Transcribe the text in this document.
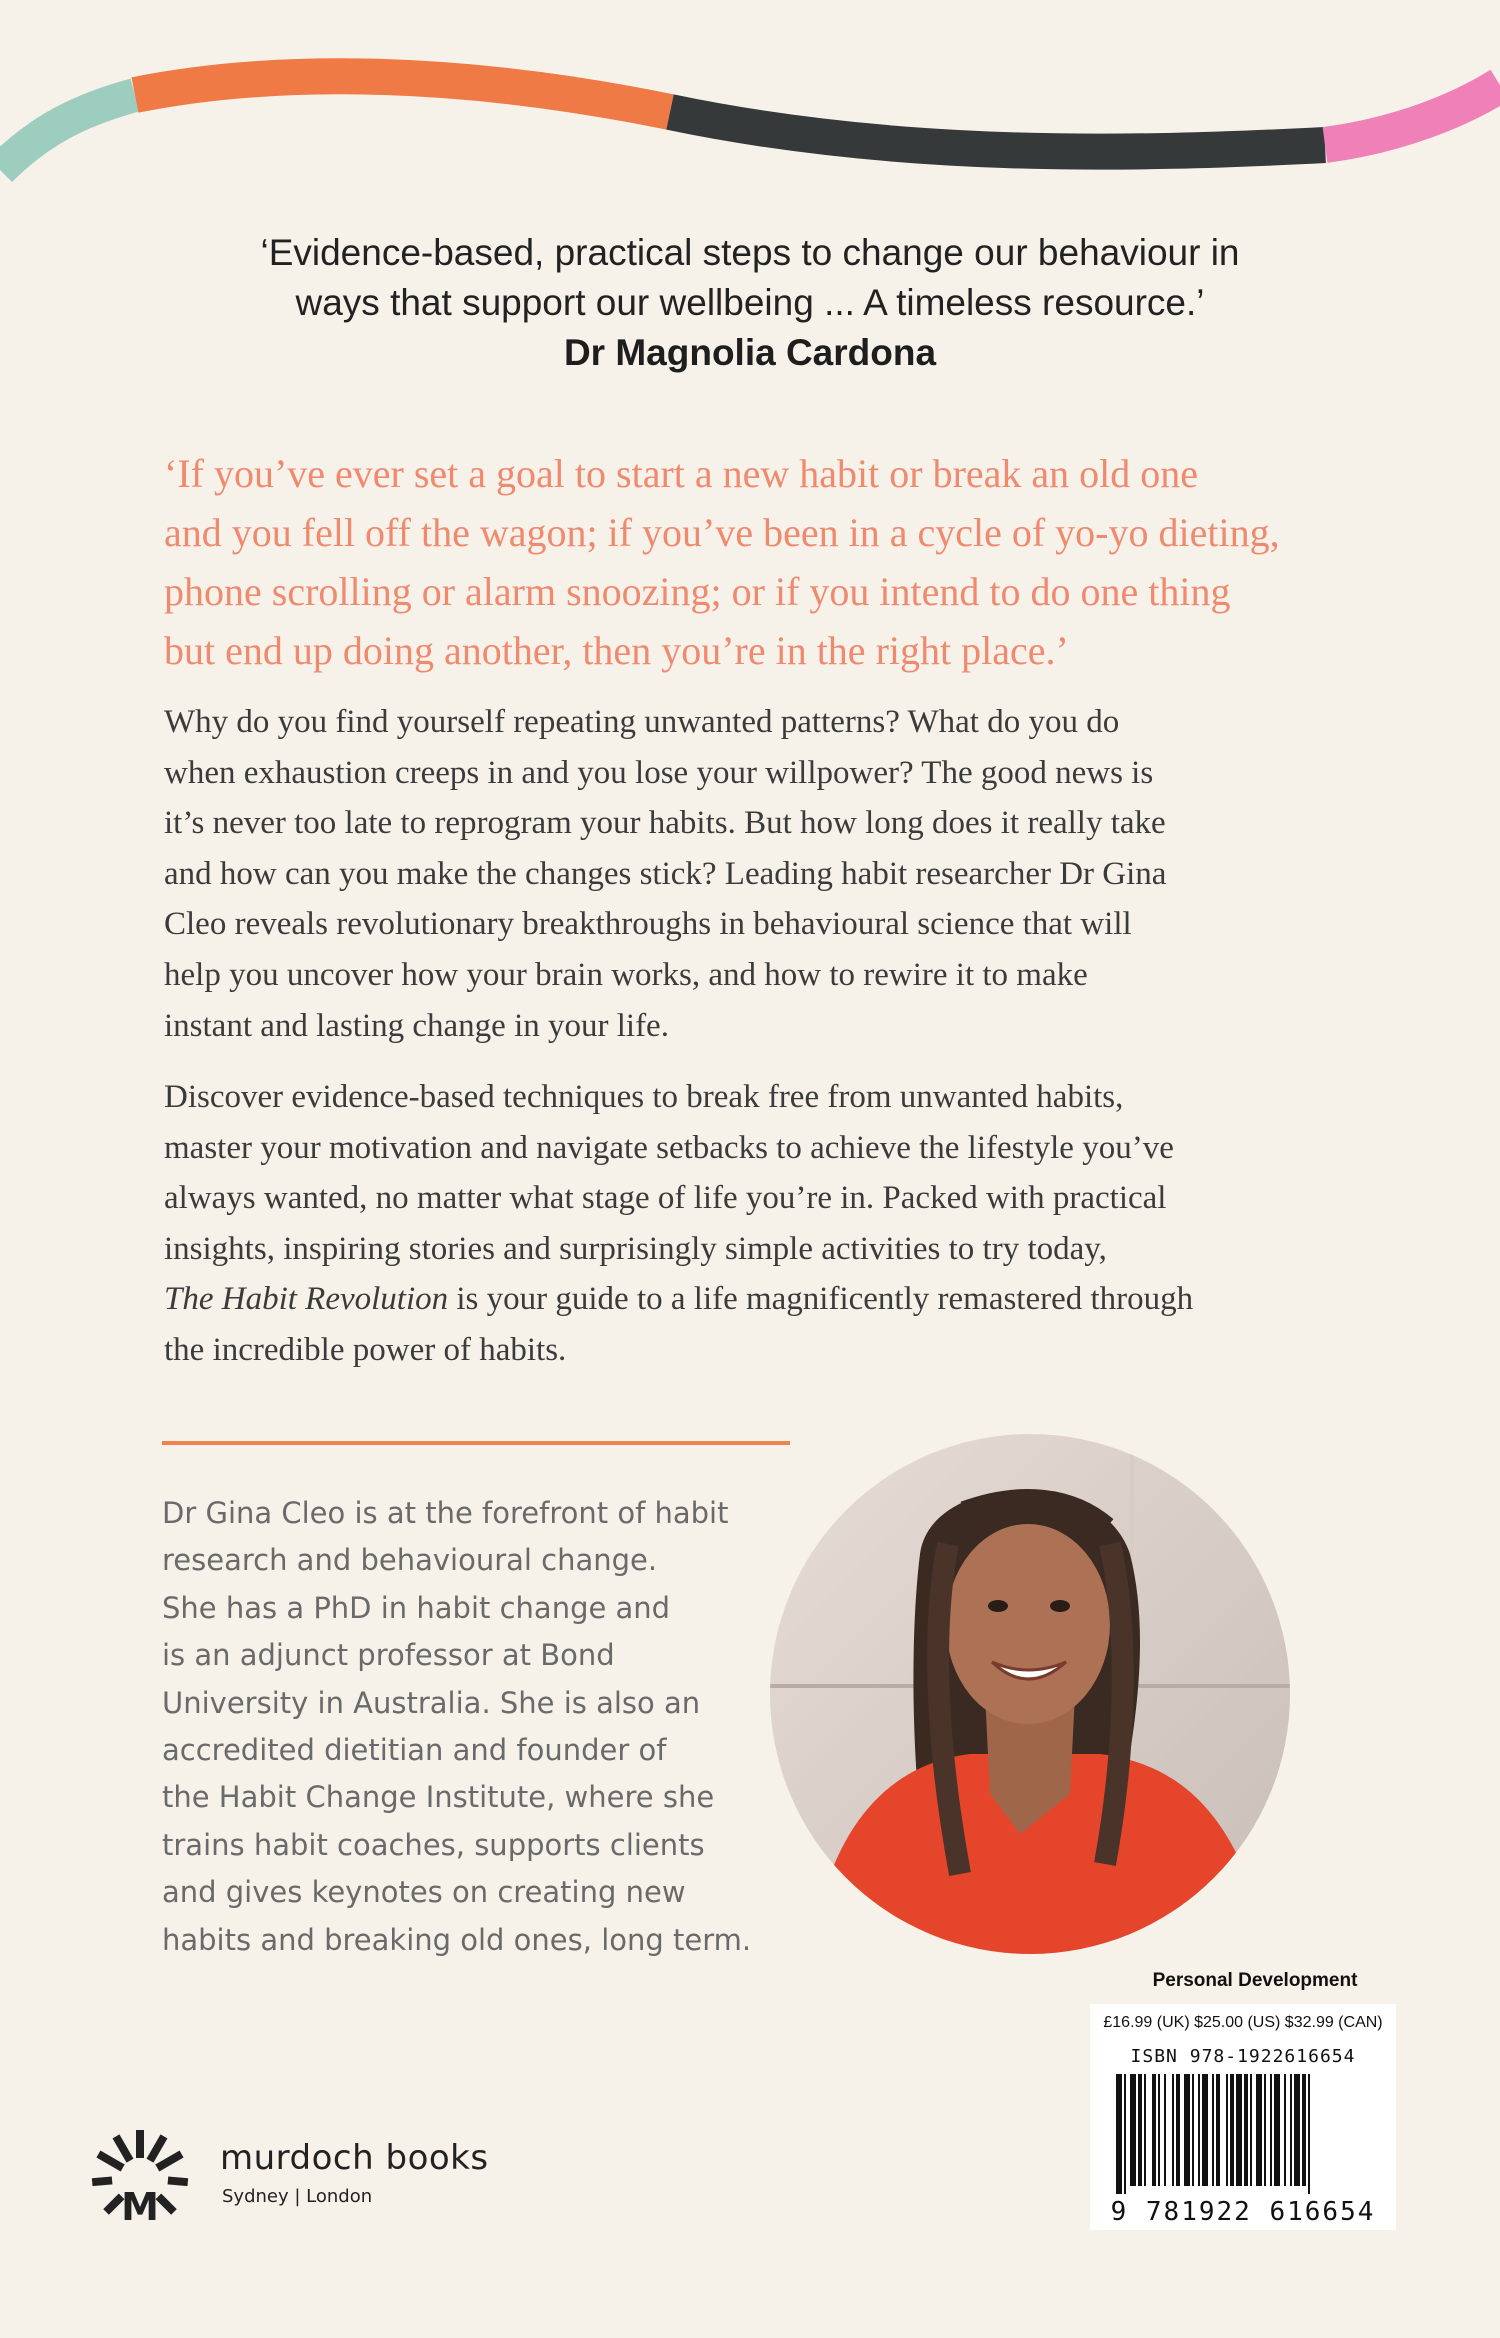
‘Evidence-based, practical steps to change our behaviour in
ways that support our wellbeing ... A timeless resource.’
Dr Magnolia Cardona
‘If you’ve ever set a goal to start a new habit or break an old one
and you fell off the wagon; if you’ve been in a cycle of yo-yo dieting,
phone scrolling or alarm snoozing; or if you intend to do one thing
but end up doing another, then you’re in the right place.’
Why do you find yourself repeating unwanted patterns? What do you do
when exhaustion creeps in and you lose your willpower? The good news is
it’s never too late to reprogram your habits. But how long does it really take
and how can you make the changes stick? Leading habit researcher Dr Gina
Cleo reveals revolutionary breakthroughs in behavioural science that will
help you uncover how your brain works, and how to rewire it to make
instant and lasting change in your life.
Discover evidence-based techniques to break free from unwanted habits,
master your motivation and navigate setbacks to achieve the lifestyle you’ve
always wanted, no matter what stage of life you’re in. Packed with practical
insights, inspiring stories and surprisingly simple activities to try today,
The Habit Revolution is your guide to a life magnificently remastered through
the incredible power of habits.
Dr Gina Cleo is at the forefront of habit
research and behavioural change.
She has a PhD in habit change and
is an adjunct professor at Bond
University in Australia. She is also an
accredited dietitian and founder of
the Habit Change Institute, where she
trains habit coaches, supports clients
and gives keynotes on creating new
habits and breaking old ones, long term.
Personal Development
£16.99 (UK) $25.00 (US) $32.99 (CAN)
ISBN 978-1922616654
9 781922 616654
M
murdoch books
Sydney | London
